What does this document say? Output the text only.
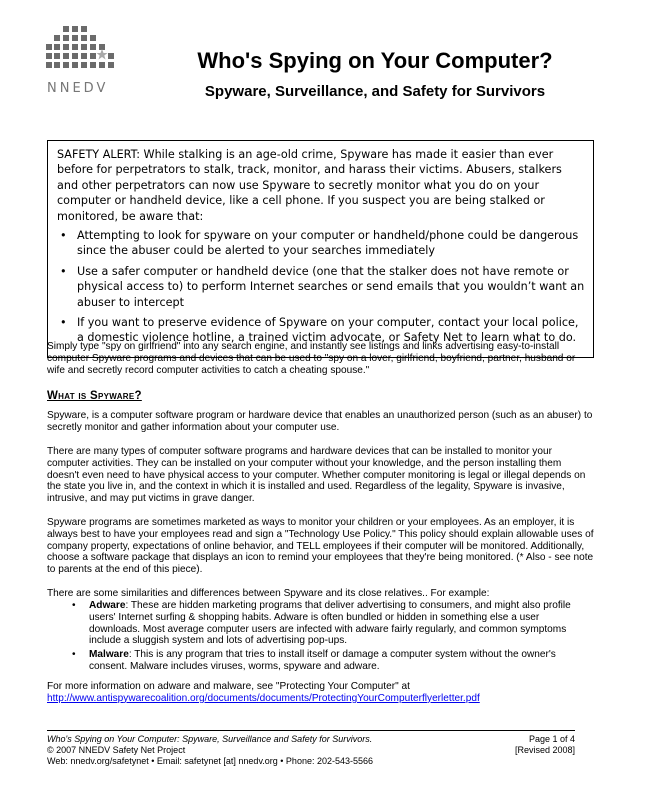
NNEDV
Who's Spying on Your Computer?
Spyware, Surveillance, and Safety for Survivors

SAFETY ALERT: While stalking is an age-old crime, Spyware has made it easier than ever before for perpetrators to stalk, track, monitor, and harass their victims. Abusers, stalkers and other perpetrators can now use Spyware to secretly monitor what you do on your computer or handheld device, like a cell phone. If you suspect you are being stalked or monitored, be aware that:

• Attempting to look for spyware on your computer or handheld/phone could be dangerous since the abuser could be alerted to your searches immediately
• Use a safer computer or handheld device (one that the stalker does not have remote or physical access to) to perform Internet searches or send emails that you wouldn’t want an abuser to intercept
• If you want to preserve evidence of Spyware on your computer, contact your local police, a domestic violence hotline, a trained victim advocate, or Safety Net to learn what to do.

Simply type "spy on girlfriend" into any search engine, and instantly see listings and links advertising easy-to-install computer Spyware programs and devices that can be used to "spy on a lover, girlfriend, boyfriend, partner, husband or wife and secretly record computer activities to catch a cheating spouse."

What is Spyware?

Spyware, is a computer software program or hardware device that enables an unauthorized person (such as an abuser) to secretly monitor and gather information about your computer use.

There are many types of computer software programs and hardware devices that can be installed to monitor your computer activities. They can be installed on your computer without your knowledge, and the person installing them doesn't even need to have physical access to your computer. Whether computer monitoring is legal or illegal depends on the state you live in, and the context in which it is installed and used. Regardless of the legality, Spyware is invasive, intrusive, and may put victims in grave danger.

Spyware programs are sometimes marketed as ways to monitor your children or your employees. As an employer, it is always best to have your employees read and sign a "Technology Use Policy." This policy should explain allowable uses of company property, expectations of online behavior, and TELL employees if their computer will be monitored. Additionally, choose a software package that displays an icon to remind your employees that they're being monitored. (* Also - see note to parents at the end of this piece).

There are some similarities and differences between Spyware and its close relatives.. For example:

• Adware: These are hidden marketing programs that deliver advertising to consumers, and might also profile users' Internet surfing & shopping habits. Adware is often bundled or hidden in something else a user downloads. Most average computer users are infected with adware fairly regularly, and common symptoms include a sluggish system and lots of advertising pop-ups.
• Malware: This is any program that tries to install itself or damage a computer system without the owner's consent. Malware includes viruses, worms, spyware and adware.

For more information on adware and malware, see "Protecting Your Computer" at

http://www.antispywarecoalition.org/documents/documents/ProtectingYourComputerflyerletter.pdf

Who's Spying on Your Computer: Spyware, Surveillance and Safety for Survivors.
© 2007 NNEDV Safety Net Project
Web: nnedv.org/safetynet • Email: safetynet [at] nnedv.org • Phone: 202-543-5566
Page 1 of 4
[Revised 2008]
